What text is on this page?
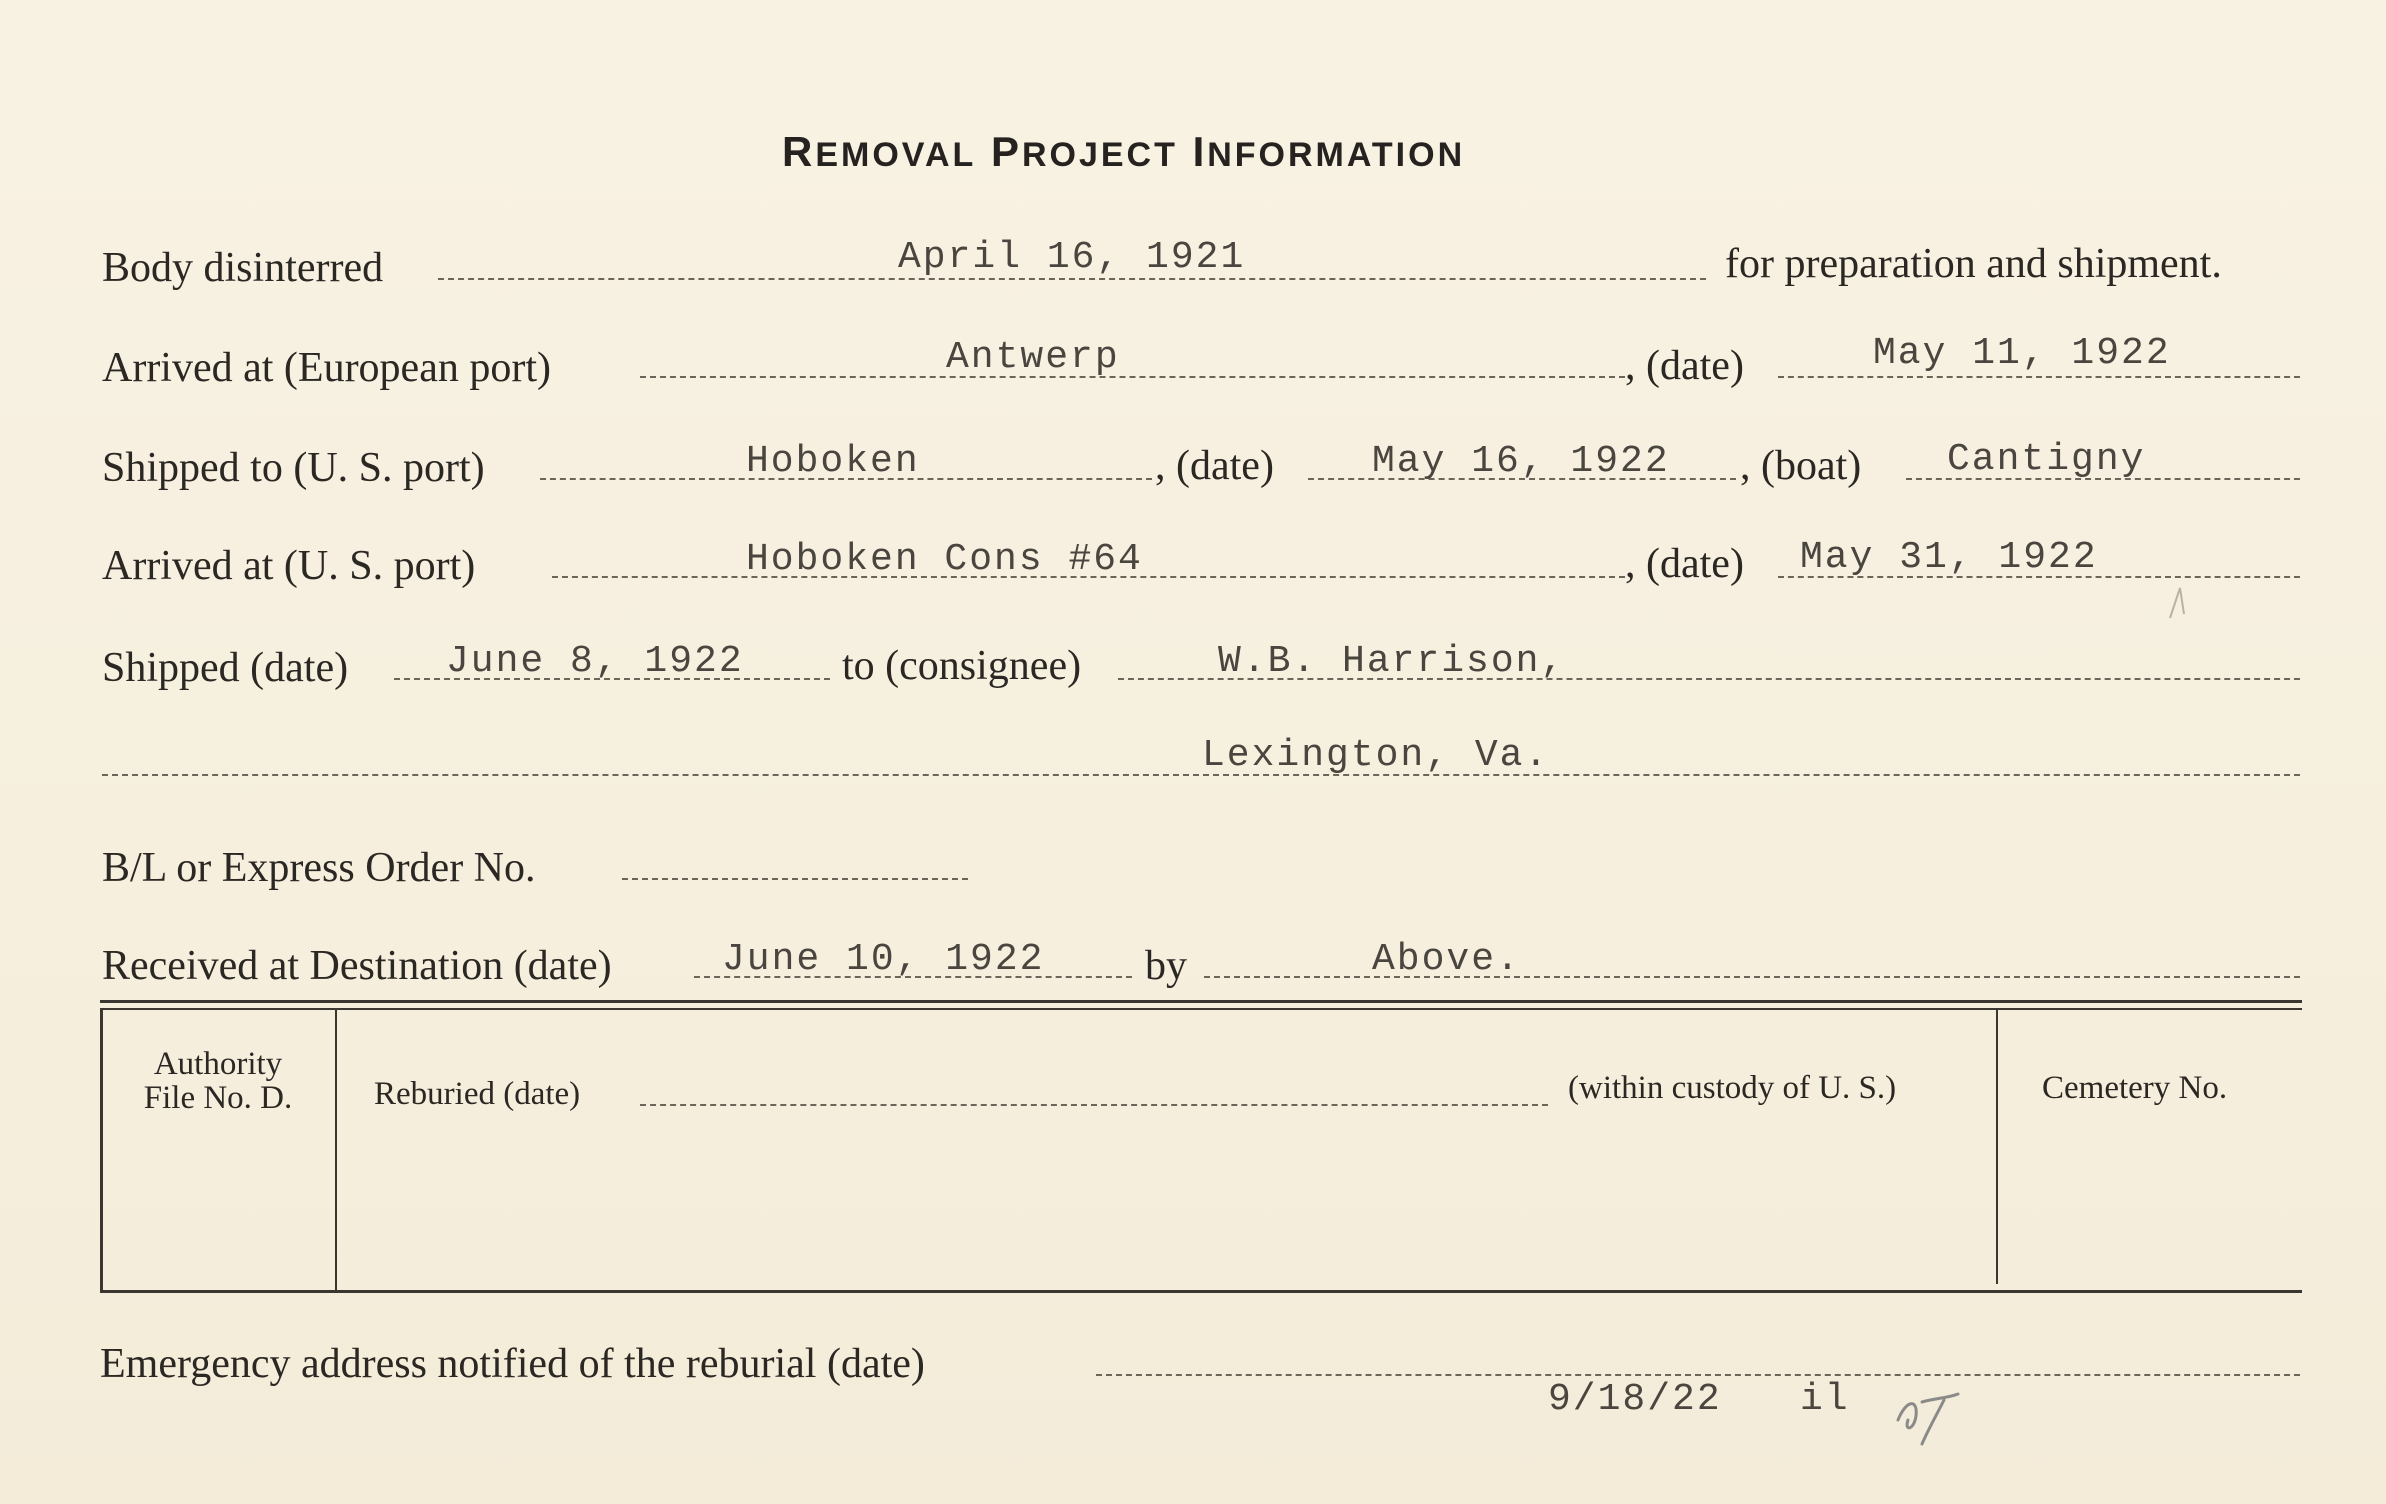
REMOVAL PROJECT INFORMATION
Body disinterred	April 16, 1921	for preparation and shipment.
Arrived at (European port)	Antwerp	, (date)	May 11, 1922
Shipped to (U. S. port)	Hoboken	, (date)	May 16, 1922 , (boat) Cantigny
Arrived at (U. S. port)	Hoboken Cons #64	, (date) May 31, 1922
Shipped (date)	June 8, 1922 to (consignee)	W.B. Harrison,
Lexington, Va.
B/L or Express Order No.
Received at Destination (date)	June 10, 1922 by	Above.
Authority
File No. D.	Reburied (date)	(within custody of U. S.)	Cemetery No.
Emergency address notified of the reburial (date)
9/18/22 il
